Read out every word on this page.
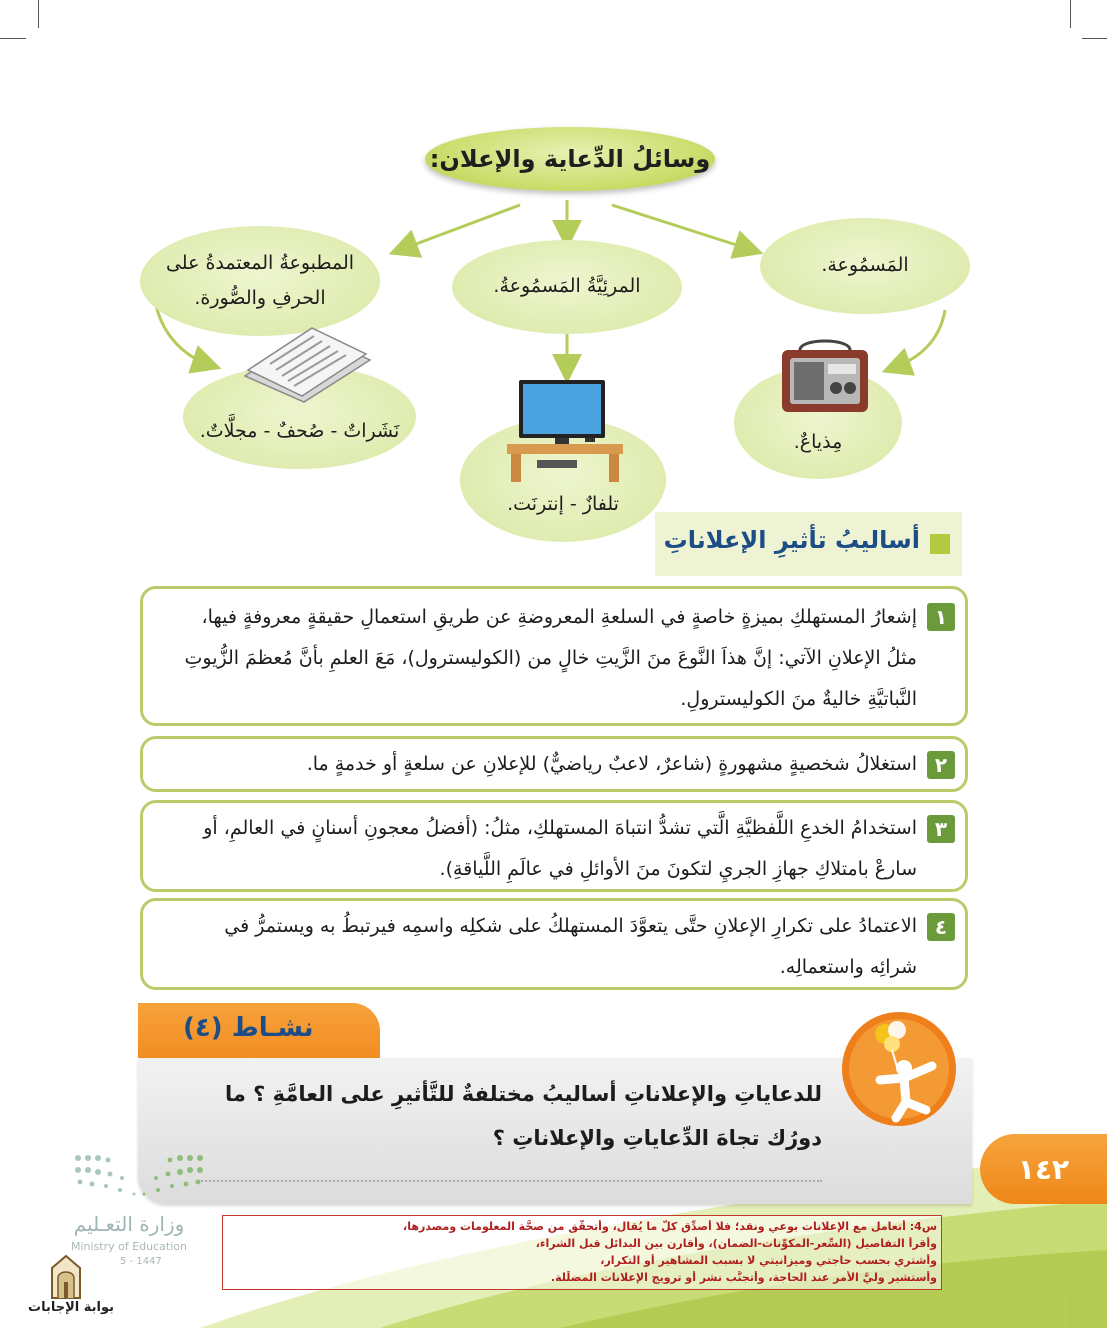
وسائلُ الدِّعاية والإعلان:
المطبوعةُ المعتمدةُ على
الحرفِ والصُّورة.
المرئِيَّةُ المَسمُوعةُ.
المَسمُوعة.
نَشَراتٌ - صُحفٌ - مجلَّاتٌ.
تلفازٌ - إنترنَت.
مِذياعٌ.
أساليبُ تأثيرِ الإعلاناتِ
١
إشعارُ المستهلكِ بميزةٍ خاصةٍ في السلعةِ المعروضةِ عن طريقِ استعمالِ حقيقةٍ معروفةٍ فيها،
مثلُ الإعلانِ الآتي: إنَّ هذاَ النَّوعَ منَ الزَّيتِ خالٍ من (الكوليسترول)، مَعَ العلمِ بأنَّ مُعظمَ الزُّيوتِ
النَّباتيَّةِ خاليةٌ منَ الكوليسترولِ.
٢
استغلالُ شخصيةٍ مشهورةٍ (شاعرٌ، لاعبٌ رياضيٌّ) للإعلانِ عن سلعةٍ أو خدمةٍ ما.
٣
استخدامُ الخدعِ اللَّفظيَّةِ الَّتي تشدُّ انتباهَ المستهلكِ، مثلُ: (أفضلُ معجونِ أسنانٍ في العالمِ، أو
سارعْ بامتلاكِ جهازِ الجريِ لتكونَ منَ الأوائلِ في عالَمِ اللَّياقةِ).
٤
الاعتمادُ على تكرارِ الإعلانِ حتَّى يتعوَّدَ المستهلكُ على شكلِه واسمِه فيرتبطُ به ويستمرُّ في
شرائِه واستعمالِه.
نشـاط (٤)
للدعاياتِ والإعلاناتِ أساليبُ مختلفةٌ للتَّأثيرِ على العامَّةِ ؟ ما
دورُك تجاهَ الدِّعاياتِ والإعلاناتِ ؟
١٤٢
وزارة التعـليم
Ministry of Education
5 - 1447
بوابة الإجابات
س4: أتعامل مع الإعلانات بوعي ونقد؛ فلا أصدِّق كلَّ ما يُقال، وأتحقَّق من صحَّة المعلومات ومصدرها،
وأقرأ التفاصيل (السِّعر-المكوِّنات-الضمان)، وأقارن بين البدائل قبل الشراء،
وأشتري بحسب حاجتي وميزانيتي لا بسبب المشاهير أو التكرار،
وأستشير وليَّ الأمر عند الحاجة، وأتجنَّب نشر أو ترويج الإعلانات المضلِّلة.
